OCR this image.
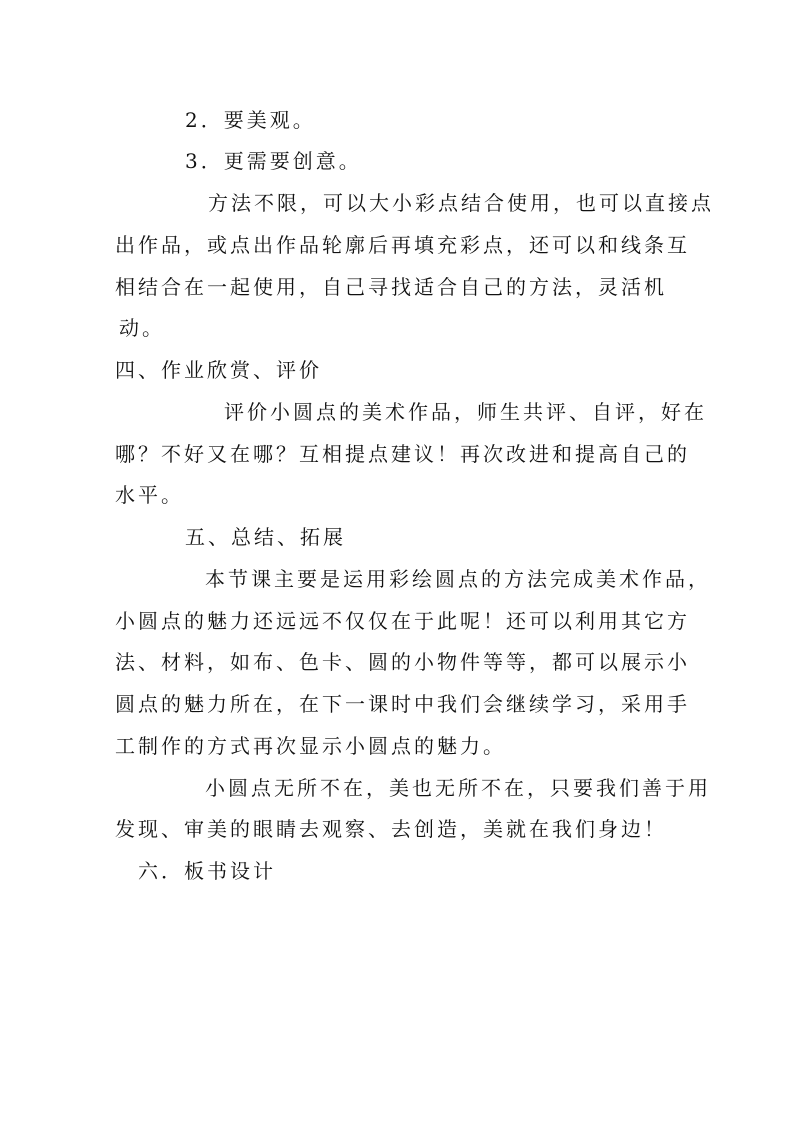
2．要美观。
3．更需要创意。
方法不限，可以大小彩点结合使用，也可以直接点
出作品，或点出作品轮廓后再填充彩点，还可以和线条互
相结合在一起使用，自己寻找适合自己的方法，灵活机
动。
四、作业欣赏、评价
评价小圆点的美术作品，师生共评、自评，好在
哪？不好又在哪？互相提点建议！再次改进和提高自己的
水平。
五、总结、拓展
本节课主要是运用彩绘圆点的方法完成美术作品，
小圆点的魅力还远远不仅仅在于此呢！还可以利用其它方
法、材料，如布、色卡、圆的小物件等等，都可以展示小
圆点的魅力所在，在下一课时中我们会继续学习，采用手
工制作的方式再次显示小圆点的魅力。
小圆点无所不在，美也无所不在，只要我们善于用
发现、审美的眼睛去观察、去创造，美就在我们身边！
六．板书设计
